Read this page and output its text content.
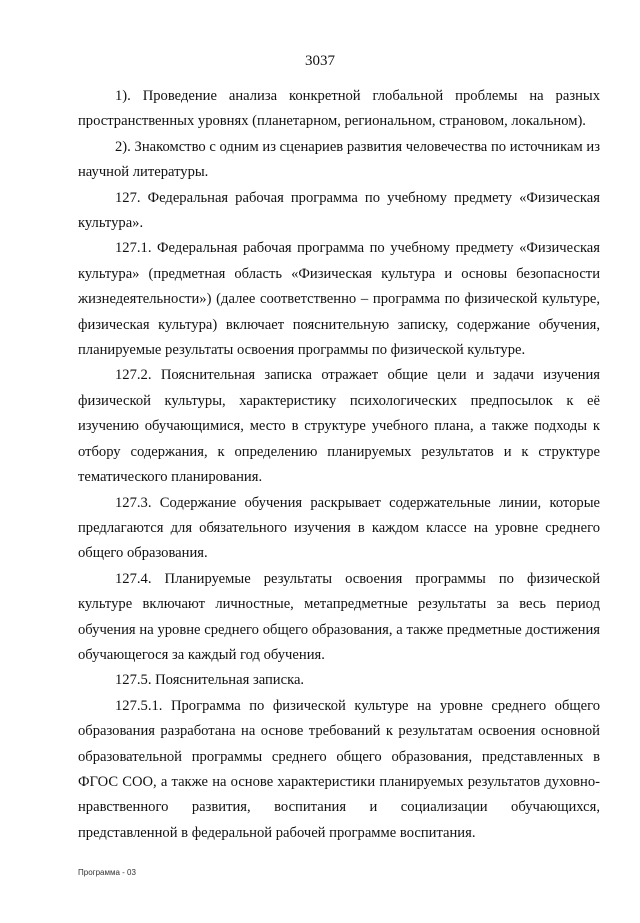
3037

1). Проведение анализа конкретной глобальной проблемы на разных пространственных уровнях (планетарном, региональном, страновом, локальном).

2). Знакомство с одним из сценариев развития человечества по источникам из научной литературы.

127. Федеральная рабочая программа по учебному предмету «Физическая культура».

127.1. Федеральная рабочая программа по учебному предмету «Физическая культура» (предметная область «Физическая культура и основы безопасности жизнедеятельности») (далее соответственно – программа по физической культуре, физическая культура) включает пояснительную записку, содержание обучения, планируемые результаты освоения программы по физической культуре.

127.2. Пояснительная записка отражает общие цели и задачи изучения физической культуры, характеристику психологических предпосылок к её изучению обучающимися, место в структуре учебного плана, а также подходы к отбору содержания, к определению планируемых результатов и к структуре тематического планирования.

127.3. Содержание обучения раскрывает содержательные линии, которые предлагаются для обязательного изучения в каждом классе на уровне среднего общего образования.

127.4. Планируемые результаты освоения программы по физической культуре включают личностные, метапредметные результаты за весь период обучения на уровне среднего общего образования, а также предметные достижения обучающегося за каждый год обучения.

127.5. Пояснительная записка.

127.5.1. Программа по физической культуре на уровне среднего общего образования разработана на основе требований к результатам освоения основной образовательной программы среднего общего образования, представленных в ФГОС СОО, а также на основе характеристики планируемых результатов духовно-нравственного развития, воспитания и социализации обучающихся, представленной в федеральной рабочей программе воспитания.

Программа - 03
